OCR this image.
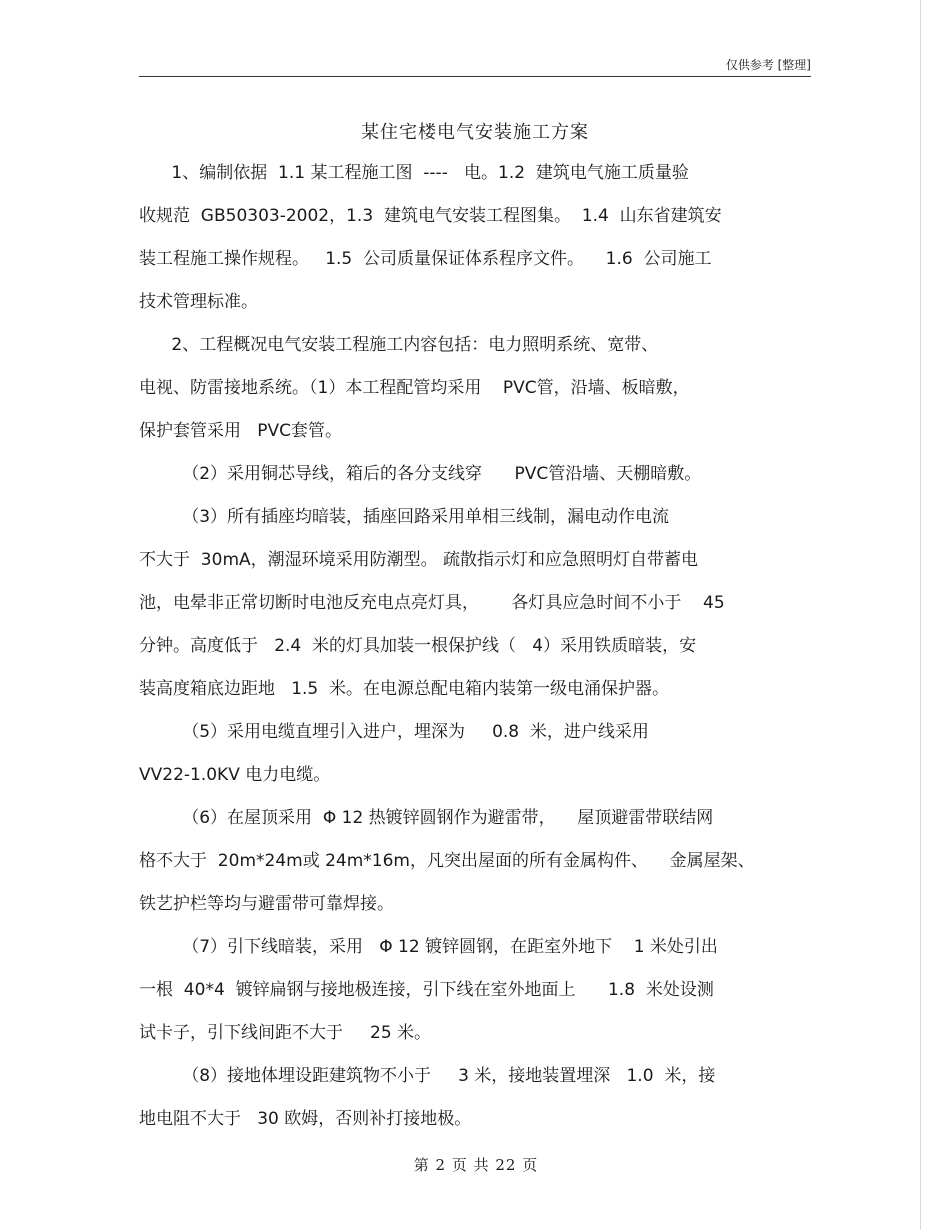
仅供参考 [整理]
某住宅楼电气安装施工方案
1、编制依据  1.1 某工程施工图  ----   电。1.2  建筑电气施工质量验
收规范  GB50303-2002，1.3  建筑电气安装工程图集。  1.4  山东省建筑安
装工程施工操作规程。   1.5  公司质量保证体系程序文件。    1.6  公司施工
技术管理标准。
2、工程概况电气安装工程施工内容包括：电力照明系统、宽带、
电视、防雷接地系统。（1）本工程配管均采用    PVC管，沿墙、板暗敷，
保护套管采用   PVC套管。
（2）采用铜芯导线，箱后的各分支线穿      PVC管沿墙、天棚暗敷。
（3）所有插座均暗装，插座回路采用单相三线制，漏电动作电流
不大于  30mA，潮湿环境采用防潮型。 疏散指示灯和应急照明灯自带蓄电
池，电晕非正常切断时电池反充电点亮灯具，      各灯具应急时间不小于    45
分钟。高度低于   2.4  米的灯具加装一根保护线（   4）采用铁质暗装，安
装高度箱底边距地   1.5  米。在电源总配电箱内装第一级电涌保护器。
（5）采用电缆直埋引入进户，埋深为     0.8  米，进户线采用
VV22-1.0KV 电力电缆。
（6）在屋顶采用  Φ 12 热镀锌圆钢作为避雷带，    屋顶避雷带联结网
格不大于  20m*24m或 24m*16m，凡突出屋面的所有金属构件、    金属屋架、
铁艺护栏等均与避雷带可靠焊接。
（7）引下线暗装，采用   Φ 12 镀锌圆钢，在距室外地下    1 米处引出
一根  40*4  镀锌扁钢与接地极连接，引下线在室外地面上      1.8  米处设测
试卡子，引下线间距不大于     25 米。
（8）接地体埋设距建筑物不小于     3 米，接地装置埋深   1.0  米，接
地电阻不大于   30 欧姆，否则补打接地极。
第 2 页 共 22 页
